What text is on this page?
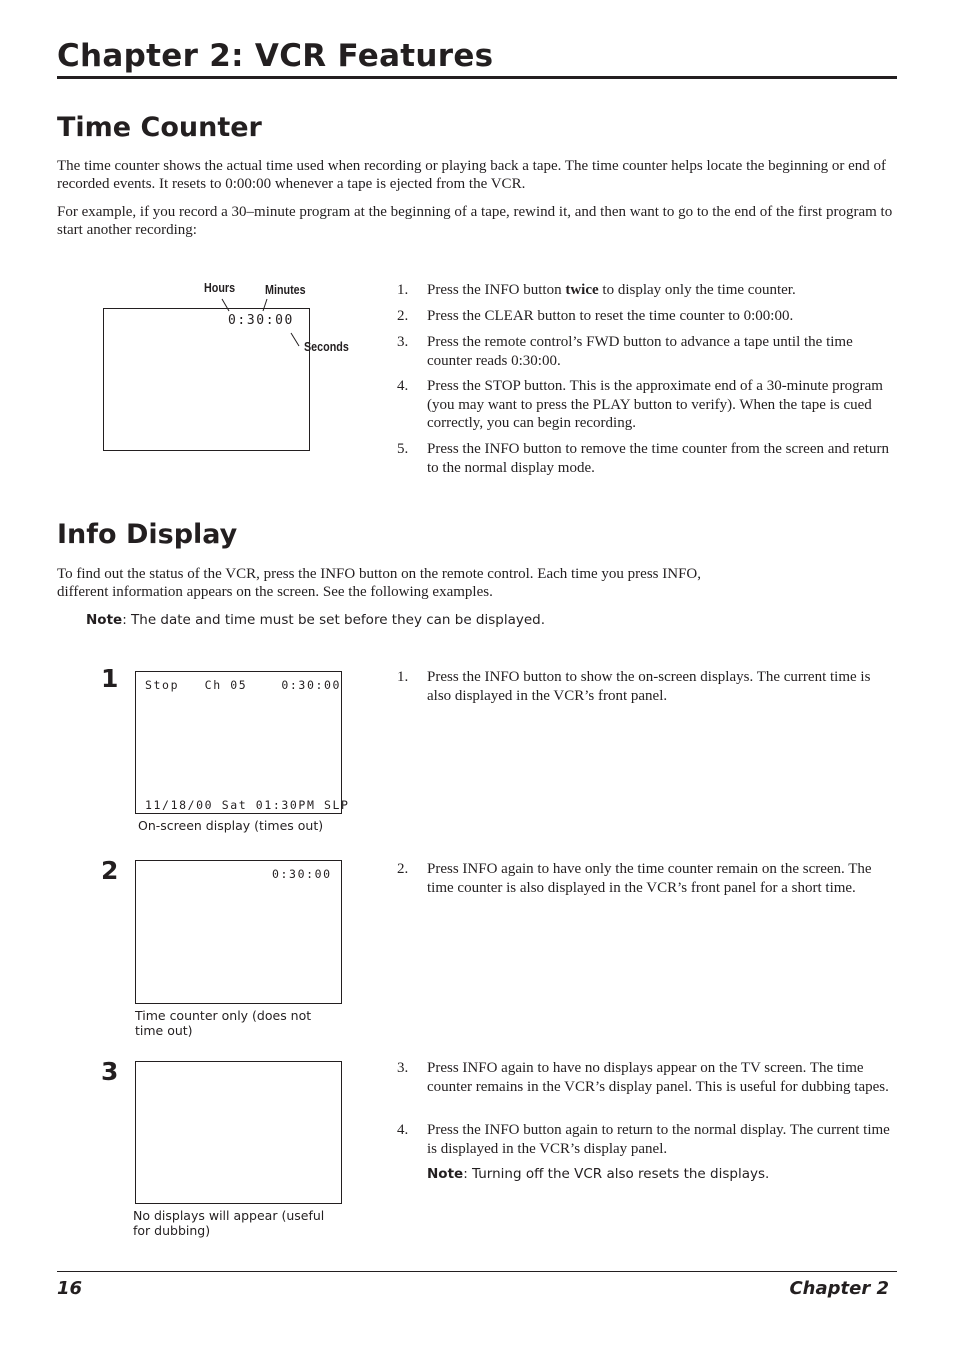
Chapter 2: VCR Features
Time Counter
The time counter shows the actual time used when recording or playing back a tape. The time counter helps locate the beginning or end of recorded events. It resets to 0:00:00 whenever a tape is ejected from the VCR.
For example, if you record a 30–minute program at the beginning of a tape, rewind it, and then want to go to the end of the first program to start another recording:
Hours Minutes
0:30:00
Seconds
1. Press the INFO button twice to display only the time counter.
2. Press the CLEAR button to reset the time counter to 0:00:00.
3. Press the remote control’s FWD button to advance a tape until the time counter reads 0:30:00.
4. Press the STOP button. This is the approximate end of a 30-minute program (you may want to press the PLAY button to verify). When the tape is cued correctly, you can begin recording.
5. Press the INFO button to remove the time counter from the screen and return to the normal display mode.
Info Display
To find out the status of the VCR, press the INFO button on the remote control. Each time you press INFO, different information appears on the screen. See the following examples.
Note: The date and time must be set before they can be displayed.
1 Stop   Ch 05    0:30:00
11/18/00 Sat 01:30PM SLP
On-screen display (times out)
1. Press the INFO button to show the on-screen displays. The current time is also displayed in the VCR’s front panel.
2	0:30:00
Time counter only (does not time out)
2. Press INFO again to have only the time counter remain on the screen. The time counter is also displayed in the VCR’s front panel for a short time.
3
No displays will appear (useful for dubbing)
3. Press INFO again to have no displays appear on the TV screen. The time counter remains in the VCR’s display panel. This is useful for dubbing tapes.
4. Press the INFO button again to return to the normal display. The current time is displayed in the VCR’s display panel.
Note: Turning off the VCR also resets the displays.
16	Chapter 2
